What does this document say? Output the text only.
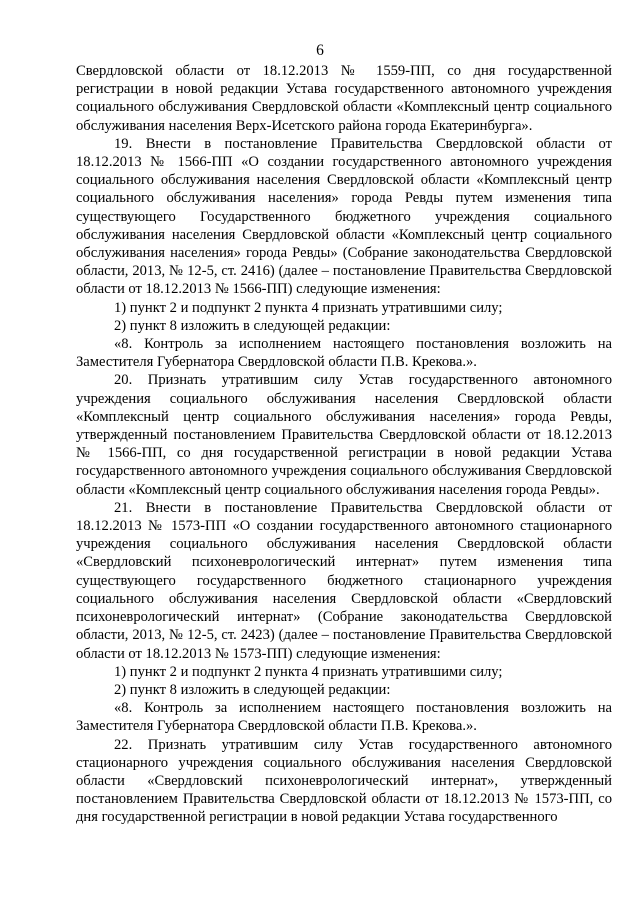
6

Свердловской области от 18.12.2013 № 1559-ПП, со дня государственной регистрации в новой редакции Устава государственного автономного учреждения социального обслуживания Свердловской области «Комплексный центр социального обслуживания населения Верх-Исетского района города Екатеринбурга».

19. Внести в постановление Правительства Свердловской области от 18.12.2013 № 1566-ПП «О создании государственного автономного учреждения социального обслуживания населения Свердловской области «Комплексный центр социального обслуживания населения» города Ревды путем изменения типа существующего Государственного бюджетного учреждения социального обслуживания населения Свердловской области «Комплексный центр социального обслуживания населения» города Ревды» (Собрание законодательства Свердловской области, 2013, № 12-5, ст. 2416) (далее – постановление Правительства Свердловской области от 18.12.2013 № 1566-ПП) следующие изменения:

1) пункт 2 и подпункт 2 пункта 4 признать утратившими силу;

2) пункт 8 изложить в следующей редакции:

«8. Контроль за исполнением настоящего постановления возложить на Заместителя Губернатора Свердловской области П.В. Крекова.».

20. Признать утратившим силу Устав государственного автономного учреждения социального обслуживания населения Свердловской области «Комплексный центр социального обслуживания населения» города Ревды, утвержденный постановлением Правительства Свердловской области от 18.12.2013 № 1566-ПП, со дня государственной регистрации в новой редакции Устава государственного автономного учреждения социального обслуживания Свердловской области «Комплексный центр социального обслуживания населения города Ревды».

21. Внести в постановление Правительства Свердловской области от 18.12.2013 № 1573-ПП «О создании государственного автономного стационарного учреждения социального обслуживания населения Свердловской области «Свердловский психоневрологический интернат» путем изменения типа существующего государственного бюджетного стационарного учреждения социального обслуживания населения Свердловской области «Свердловский психоневрологический интернат» (Собрание законодательства Свердловской области, 2013, № 12-5, ст. 2423) (далее – постановление Правительства Свердловской области от 18.12.2013 № 1573-ПП) следующие изменения:

1) пункт 2 и подпункт 2 пункта 4 признать утратившими силу;

2) пункт 8 изложить в следующей редакции:

«8. Контроль за исполнением настоящего постановления возложить на Заместителя Губернатора Свердловской области П.В. Крекова.».

22. Признать утратившим силу Устав государственного автономного стационарного учреждения социального обслуживания населения Свердловской области «Свердловский психоневрологический интернат», утвержденный постановлением Правительства Свердловской области от 18.12.2013 № 1573-ПП, со дня государственной регистрации в новой редакции Устава государственного
